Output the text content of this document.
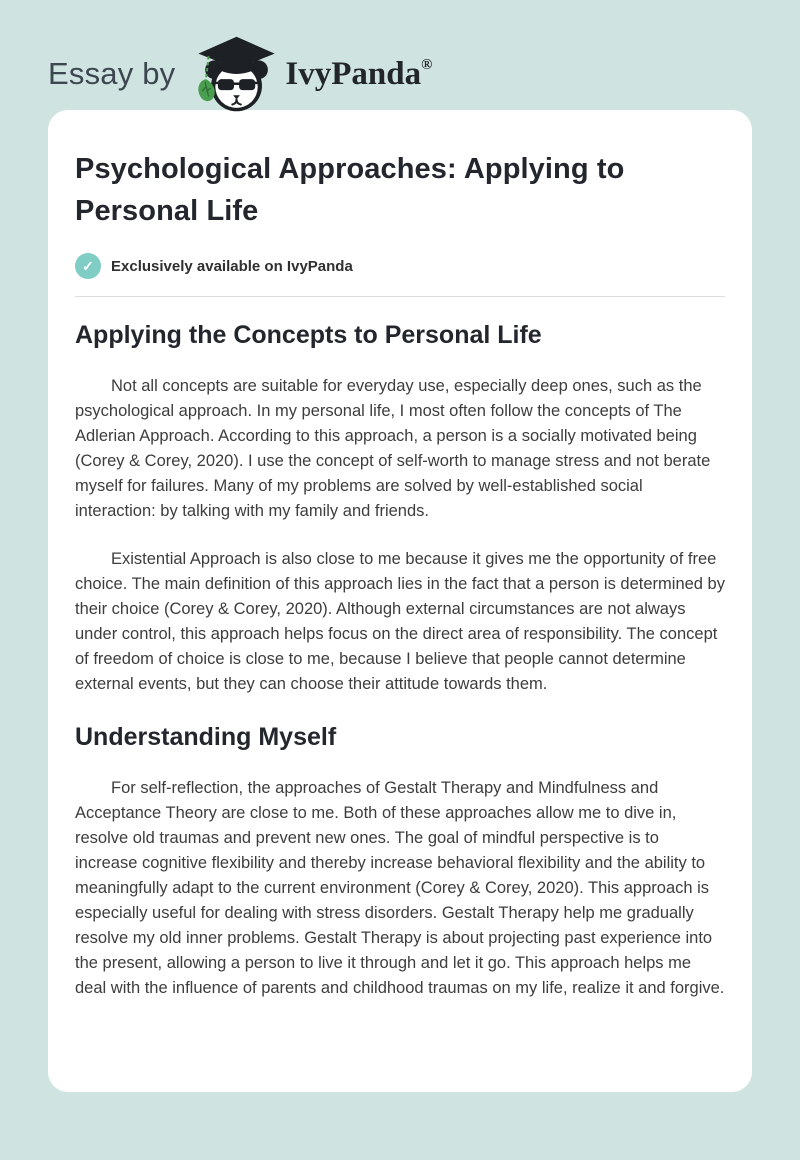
Essay by	IvyPanda®
Psychological Approaches: Applying to Personal Life
✓	Exclusively available on IvyPanda
Applying the Concepts to Personal Life

Not all concepts are suitable for everyday use, especially deep ones, such as the psychological approach. In my personal life, I most often follow the concepts of The Adlerian Approach. According to this approach, a person is a socially motivated being (Corey & Corey, 2020). I use the concept of self-worth to manage stress and not berate myself for failures. Many of my problems are solved by well-established social interaction: by talking with my family and friends.

Existential Approach is also close to me because it gives me the opportunity of free choice. The main definition of this approach lies in the fact that a person is determined by their choice (Corey & Corey, 2020). Although external circumstances are not always under control, this approach helps focus on the direct area of responsibility. The concept of freedom of choice is close to me, because I believe that people cannot determine external events, but they can choose their attitude towards them.

Understanding Myself

For self-reflection, the approaches of Gestalt Therapy and Mindfulness and Acceptance Theory are close to me. Both of these approaches allow me to dive in, resolve old traumas and prevent new ones. The goal of mindful perspective is to increase cognitive flexibility and thereby increase behavioral flexibility and the ability to meaningfully adapt to the current environment (Corey & Corey, 2020). This approach is especially useful for dealing with stress disorders. Gestalt Therapy help me gradually resolve my old inner problems. Gestalt Therapy is about projecting past experience into the present, allowing a person to live it through and let it go. This approach helps me deal with the influence of parents and childhood traumas on my life, realize it and forgive.
